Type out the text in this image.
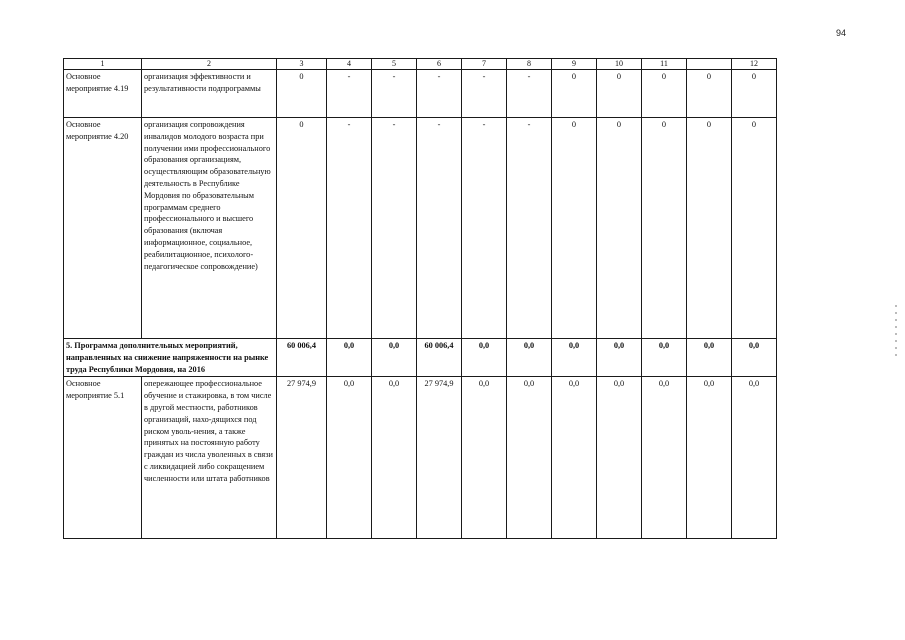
94
1	2	3	4	5	6	7	8	9	10	11		12
Основное мероприятие 4.19	организация эффективности и результативности подпрограммы	0	-	-	-	-	-	0	0	0	0	0
Основное мероприятие 4.20	организация сопровождения инвалидов молодого возраста при получении ими профессионального образования организациям, осуществляющим образовательную деятельность в Республике Мордовия по образовательным программам среднего профессионального и высшего образования (включая информационное, социальное, реабилитационное, психолого-педагогическое сопровождение)	0	-	-	-	-	-	0	0	0	0	0
5. Программа дополнительных мероприятий, направленных на снижение напряженности на рынке труда Республики Мордовия, на 2016		60 006,4	0,0	0,0	60 006,4	0,0	0,0	0,0	0,0	0,0	0,0	0,0
Основное мероприятие 5.1	опережающее профессиональное обучение и стажировка, в том числе в другой местности, работников организаций, нахо-дящихся под риском уволь-нения, а также принятых на постоянную работу граждан из числа уволенных в связи с ликвидацией либо сокращением численности или штата работников	27 974,9	0,0	0,0	27 974,9	0,0	0,0	0,0	0,0	0,0	0,0	0,0
